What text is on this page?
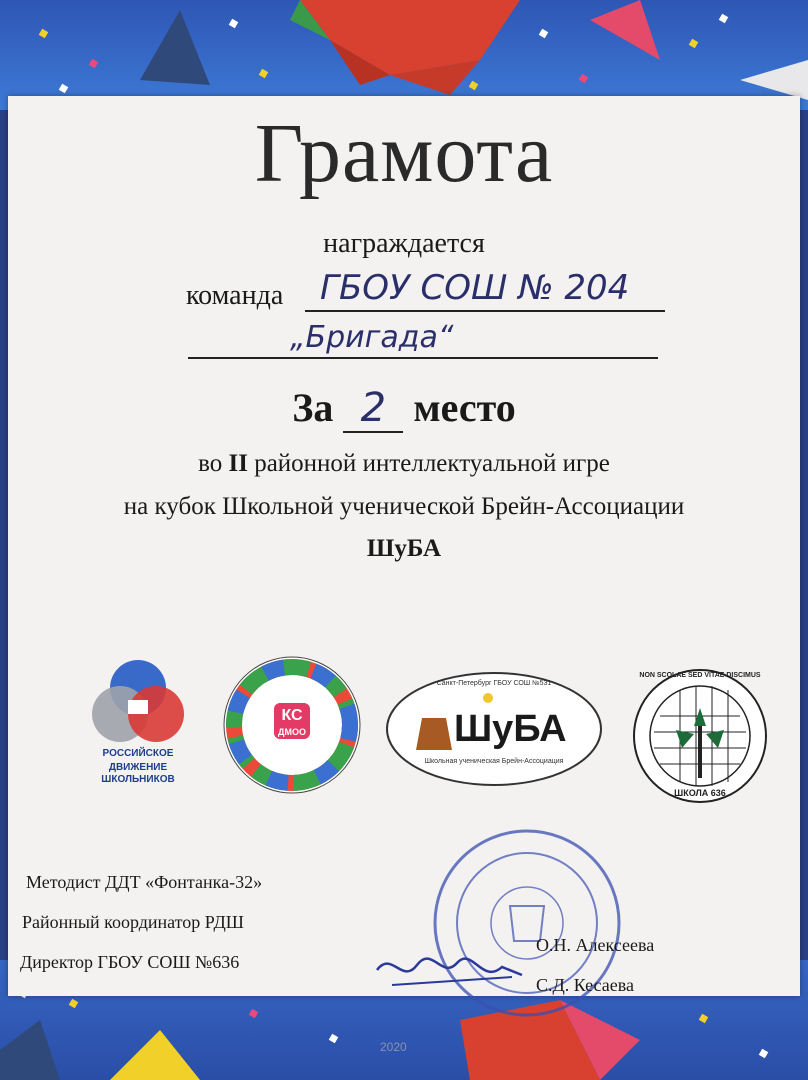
2020
Грамота
награждается
команда ГБОУ СОШ № 204
„Бригада“
За 2 место
во II районной интеллектуальной игре
на кубок Школьной ученической Брейн-Ассоциации
ШуБА
РОССИЙСКОЕ
ДВИЖЕНИЕ ШКОЛЬНИКОВ
КС
ДМОО
Санкт-Петербург ГБОУ СОШ №531
ШуБА
Школьная ученическая Брейн-Ассоциация
NON SCOLAE SED VITAE DISCIMUS
ШКОЛА 636
Методист ДДТ «Фонтанка-32»
Районный координатор РДШ
Директор ГБОУ СОШ №636
О.Н. Алексеева
С.Д. Кесаева
